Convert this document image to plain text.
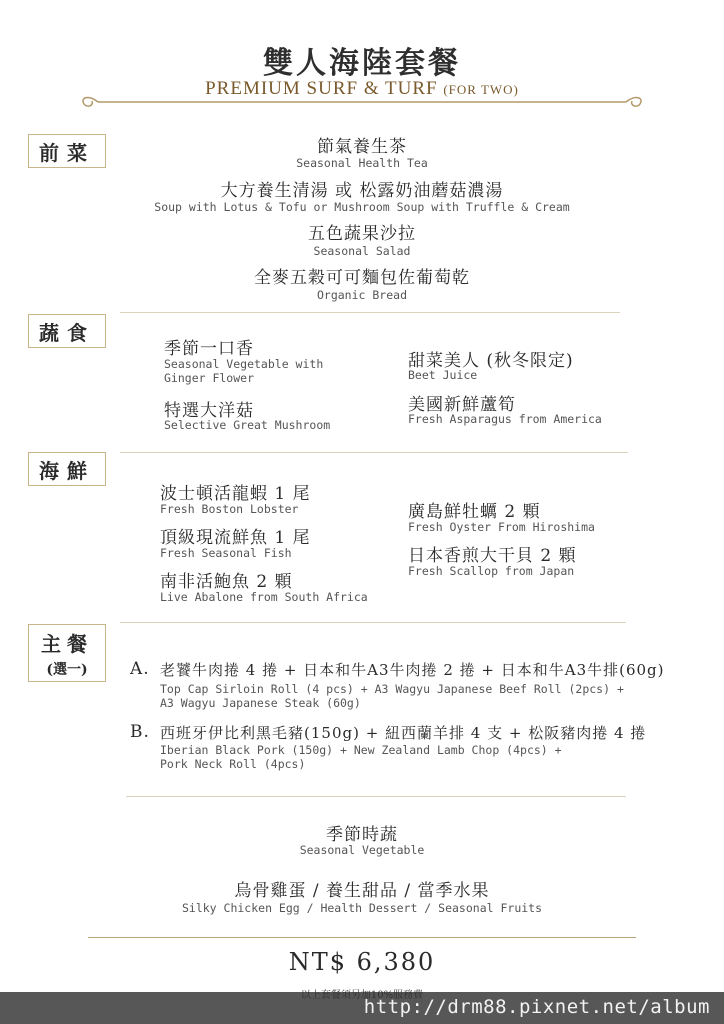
雙人海陸套餐
PREMIUM SURF & TURF (FOR TWO)
前菜	節氣養生茶
Seasonal Health Tea
大方養生清湯 或 松露奶油蘑菇濃湯
Soup with Lotus & Tofu or Mushroom Soup with Truffle & Cream
五色蔬果沙拉
Seasonal Salad
全麥五穀可可麵包佐葡萄乾
Organic Bread
蔬食
季節一口香
Seasonal Vegetable with Ginger Flower
特選大洋菇
Selective Great Mushroom
甜菜美人 (秋冬限定)
Beet Juice
美國新鮮蘆筍
Fresh Asparagus from America
海鮮
波士頓活龍蝦 1 尾
Fresh Boston Lobster
頂級現流鮮魚 1 尾
Fresh Seasonal Fish
南非活鮑魚 2 顆
Live Abalone from South Africa
廣島鮮牡蠣 2 顆
Fresh Oyster From Hiroshima
日本香煎大干貝 2 顆
Fresh Scallop from Japan
主餐
(選一) A. 老饕牛肉捲 4 捲 + 日本和牛A3牛肉捲 2 捲 + 日本和牛A3牛排(60g)
Top Cap Sirloin Roll (4 pcs) + A3 Wagyu Japanese Beef Roll (2pcs) +
A3 Wagyu Japanese Steak (60g)
B. 西班牙伊比利黑毛豬(150g) + 紐西蘭羊排 4 支 + 松阪豬肉捲 4 捲
Iberian Black Pork (150g) + New Zealand Lamb Chop (4pcs) +
Pork Neck Roll (4pcs)
季節時蔬
Seasonal Vegetable
烏骨雞蛋 / 養生甜品 / 當季水果
Silky Chicken Egg / Health Dessert / Seasonal Fruits
NT$ 6,380
http://drm88.pixnet.net/album
